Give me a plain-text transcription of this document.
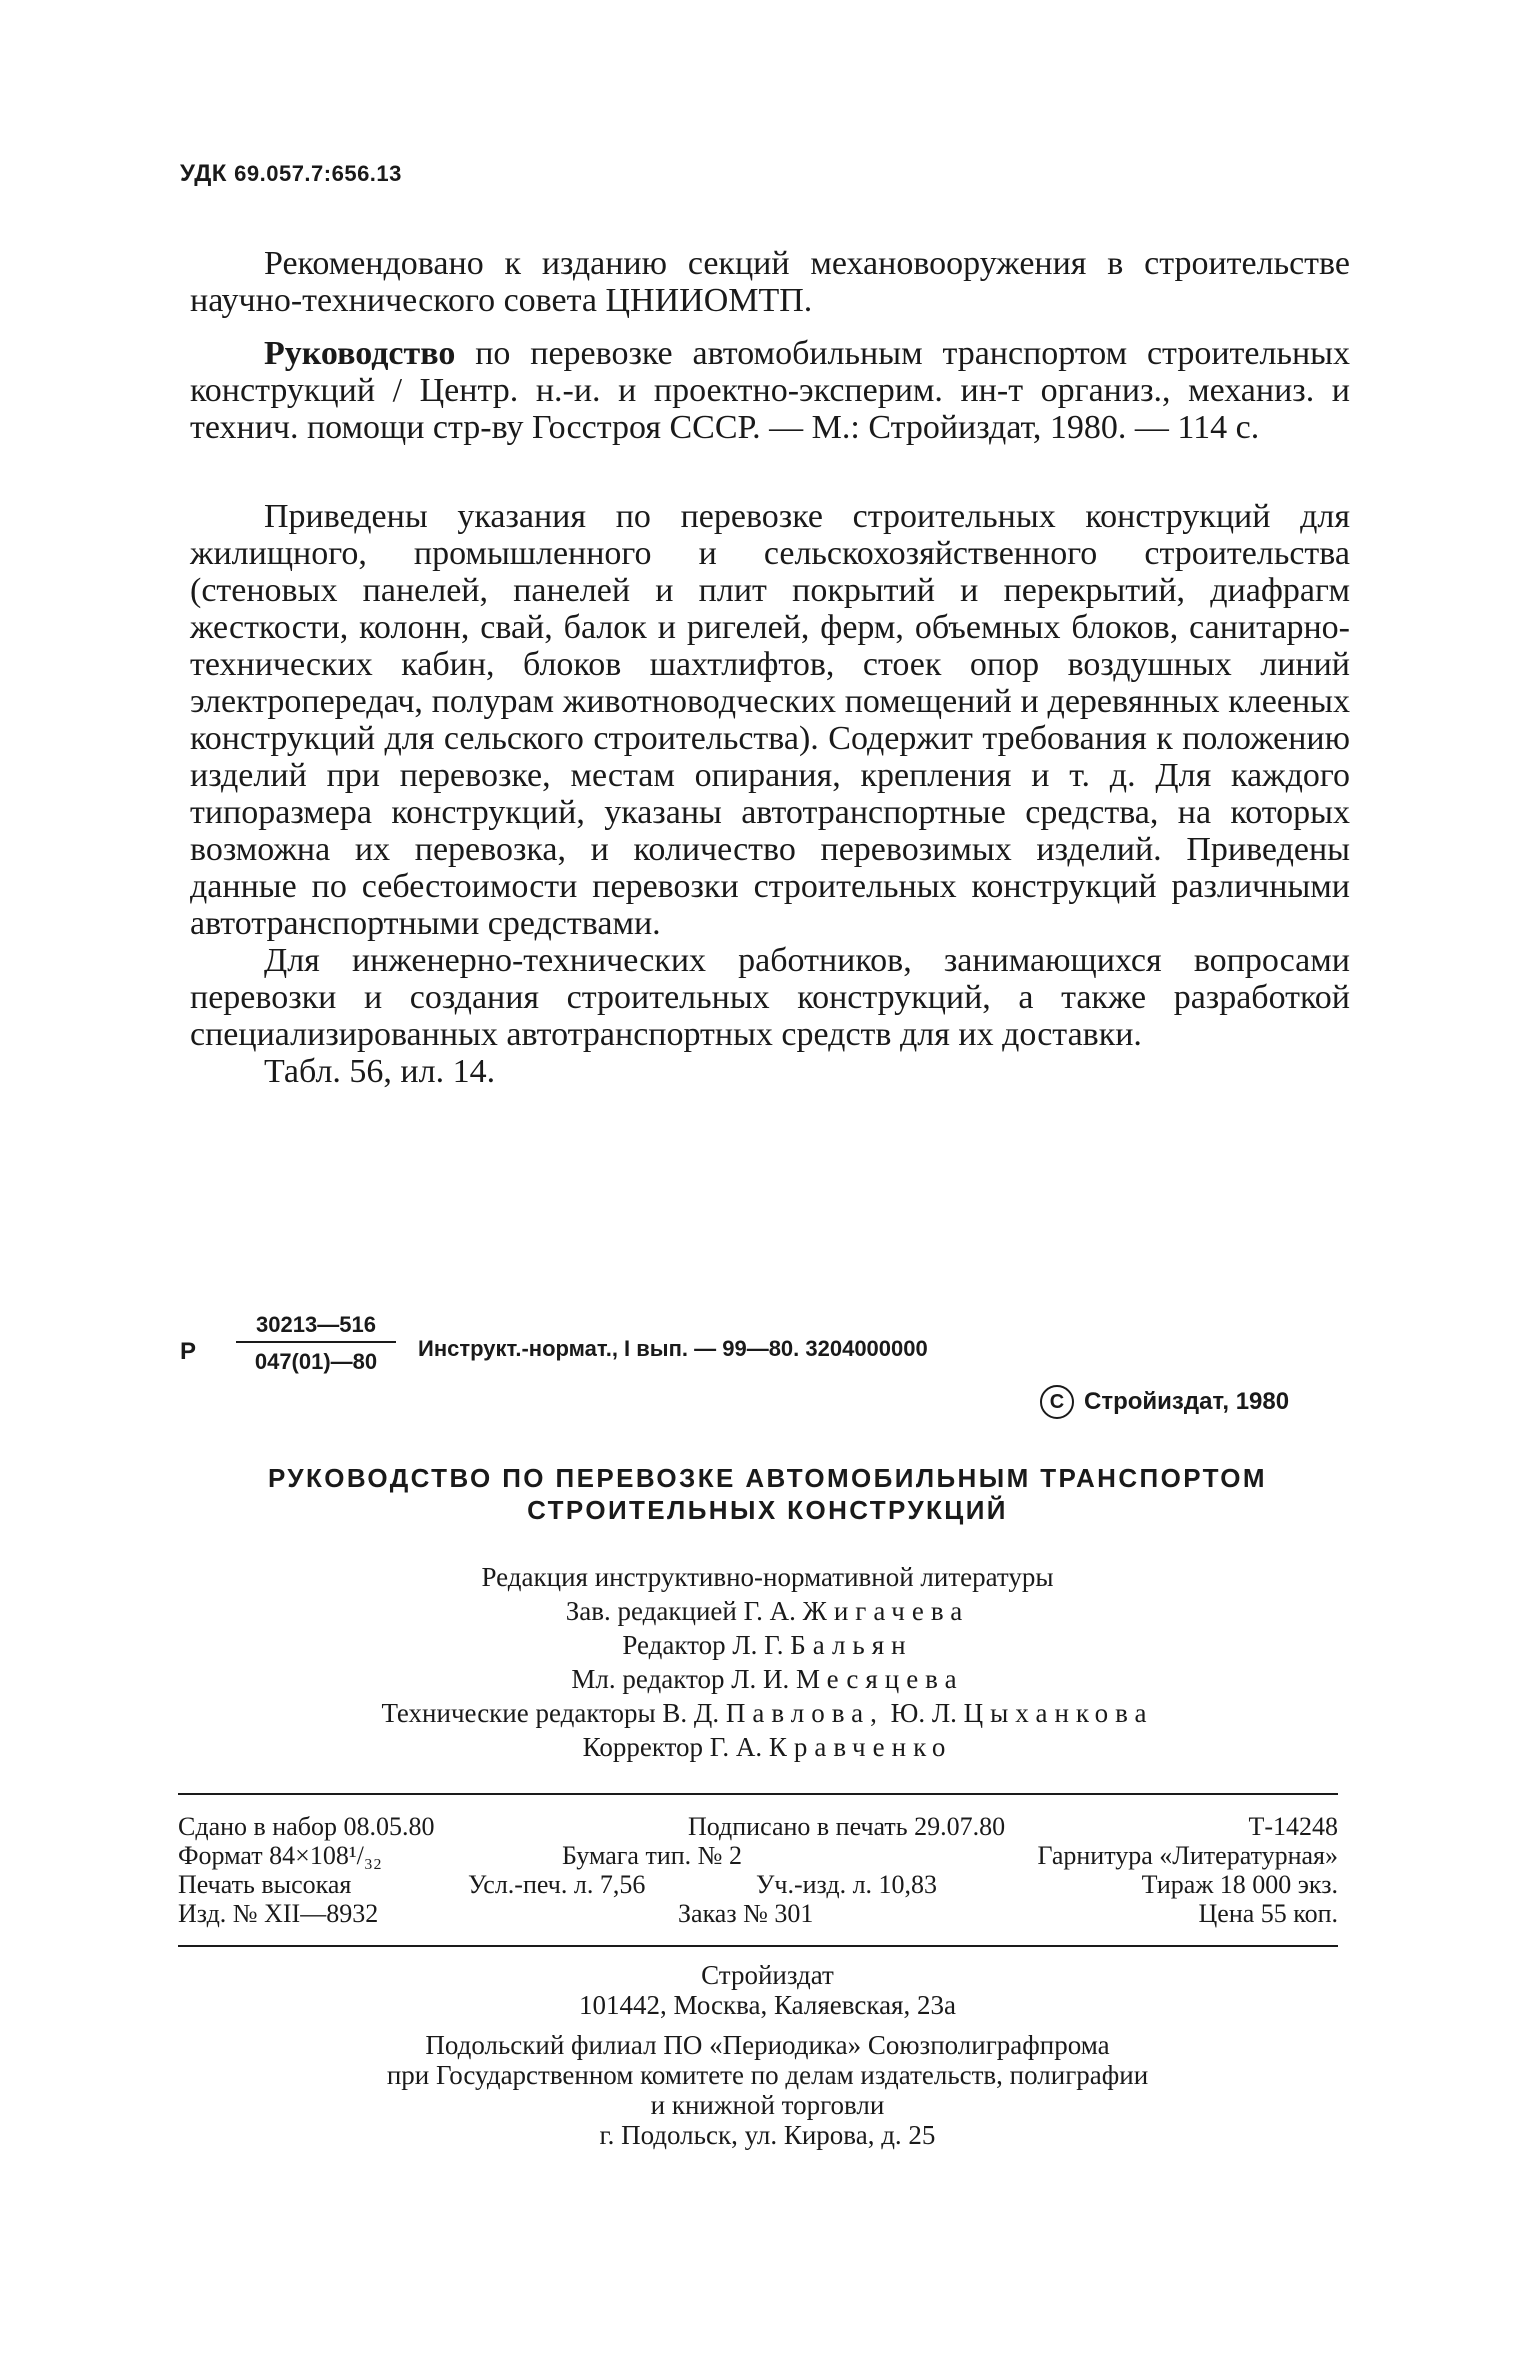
УДК 69.057.7:656.13

Рекомендовано к изданию секций механовооружения в строительстве научно-технического совета ЦНИИОМТП.

Руководство по перевозке автомобильным транспортом строительных конструкций / Центр. н.-и. и проектно-эксперим. ин-т организ., механиз. и технич. помощи стр-ву Госстроя СССР. — М.: Стройиздат, 1980. — 114 с.

Приведены указания по перевозке строительных конструкций для жилищного, промышленного и сельскохозяйственного строительства (стеновых панелей, панелей и плит покрытий и перекрытий, диафрагм жесткости, колонн, свай, балок и ригелей, ферм, объемных блоков, санитарно-технических кабин, блоков шахтлифтов, стоек опор воздушных линий электропередач, полурам животноводческих помещений и деревянных клееных конструкций для сельского строительства). Содержит требования к положению изделий при перевозке, местам опирания, крепления и т. д. Для каждого типоразмера конструкций, указаны автотранспортные средства, на которых возможна их перевозка, и количество перевозимых изделий. Приведены данные по себестоимости перевозки строительных конструкций различными автотранспортными средствами.

Для инженерно-технических работников, занимающихся вопросами перевозки и создания строительных конструкций, а также разработкой специализированных автотранспортных средств для их доставки.

Табл. 56, ил. 14.

Р $\frac{30213—516}{047(01)—80}$ Инструкт.-нормат., I вып. — 99—80. 3204000000
C Стройиздат, 1980
РУКОВОДСТВО ПО ПЕРЕВОЗКЕ АВТОМОБИЛЬНЫМ ТРАНСПОРТОМ
СТРОИТЕЛЬНЫХ КОНСТРУКЦИЙ
Редакция инструктивно-нормативной литературы
Зав. редакцией Г. А. Жигачева
Редактор Л. Г. Бальян
Мл. редактор Л. И. Месяцева
Технические редакторы В. Д. Павлова, Ю. Л. Цыханкова
Корректор Г. А. Кравченко
Сдано в набор 08.05.80	Подписано в печать 29.07.80	Т-14248
Формат 84×108¹/₃₂	Бумага тип. № 2	Гарнитура «Литературная»
Печать высокая	Усл.-печ. л. 7,56	Уч.-изд. л. 10,83	Тираж 18 000 экз.
Изд. № XII—8932	Заказ № 301	Цена 55 коп.
Стройиздат
101442, Москва, Каляевская, 23а
Подольский филиал ПО «Периодика» Союзполиграфпрома
при Государственном комитете по делам издательств, полиграфии
и книжной торговли
г. Подольск, ул. Кирова, д. 25
